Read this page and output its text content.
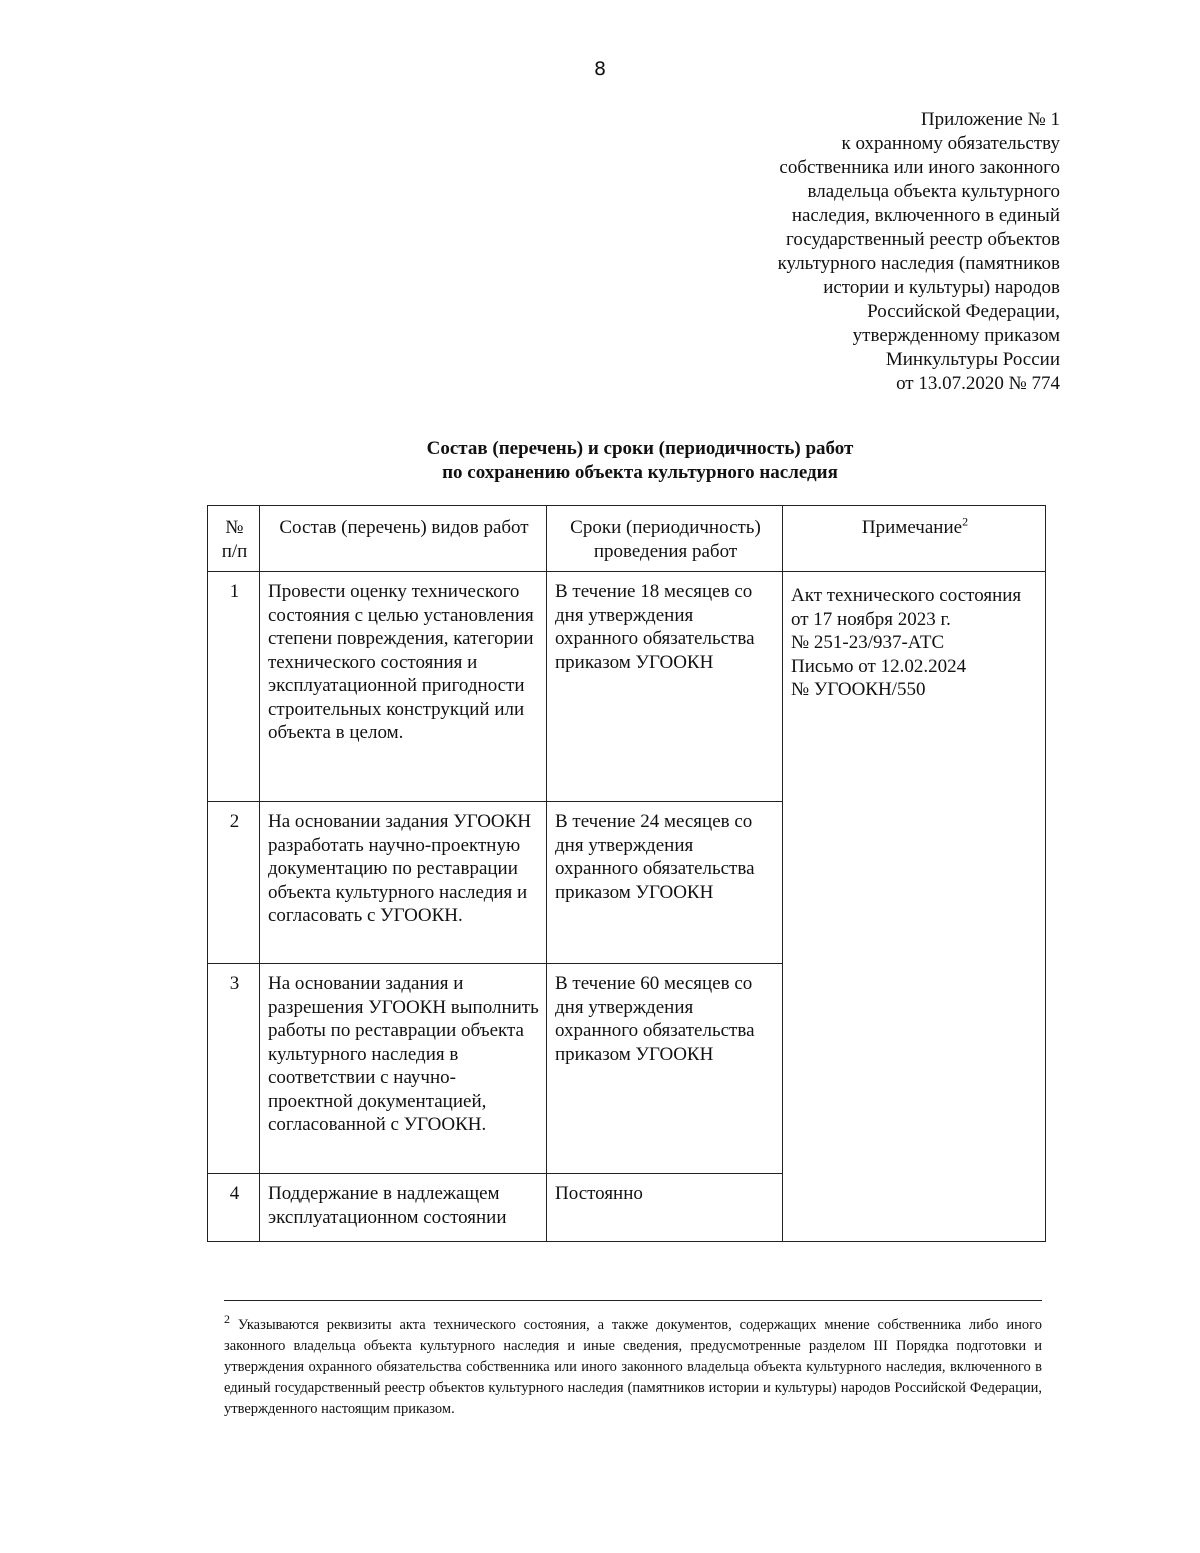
8
Приложение № 1
к охранному обязательству
собственника или иного законного
владельца объекта культурного
наследия, включенного в единый
государственный реестр объектов
культурного наследия (памятников
истории и культуры) народов
Российской Федерации,
утвержденному приказом
Минкультуры России
от 13.07.2020 № 774
Состав (перечень) и сроки (периодичность) работ
по сохранению объекта культурного наследия
№ п/п	Состав (перечень) видов работ	Сроки (периодичность) проведения работ	Примечание$^2$
1	Провести оценку технического состояния с целью установления степени повреждения, категории технического состояния и эксплуатационной пригодности строительных конструкций или объекта в целом.	В течение 18 месяцев со дня утверждения охранного обязательства приказом УГООКН	Акт технического состояния
от 17 ноября 2023 г.
№ 251-23/937-АТС
Письмо от 12.02.2024
№ УГООКН/550

2	На основании задания УГООКН разработать научно-проектную документацию по реставрации объекта культурного наследия и согласовать с УГООКН.	В течение 24 месяцев со дня утверждения охранного обязательства приказом УГООКН	
3	На основании задания и разрешения УГООКН выполнить работы по реставрации объекта культурного наследия в соответствии с научно-проектной документацией, согласованной с УГООКН.	В течение 60 месяцев со дня утверждения охранного обязательства приказом УГООКН	
4	Поддержание в надлежащем эксплуатационном состоянии	Постоянно	
$^2$ Указываются реквизиты акта технического состояния, а также документов, содержащих мнение собственника либо иного законного владельца объекта культурного наследия и иные сведения, предусмотренные разделом III Порядка подготовки и утверждения охранного обязательства собственника или иного законного владельца объекта культурного наследия, включенного в единый государственный реестр объектов культурного наследия (памятников истории и культуры) народов Российской Федерации, утвержденного настоящим приказом.
